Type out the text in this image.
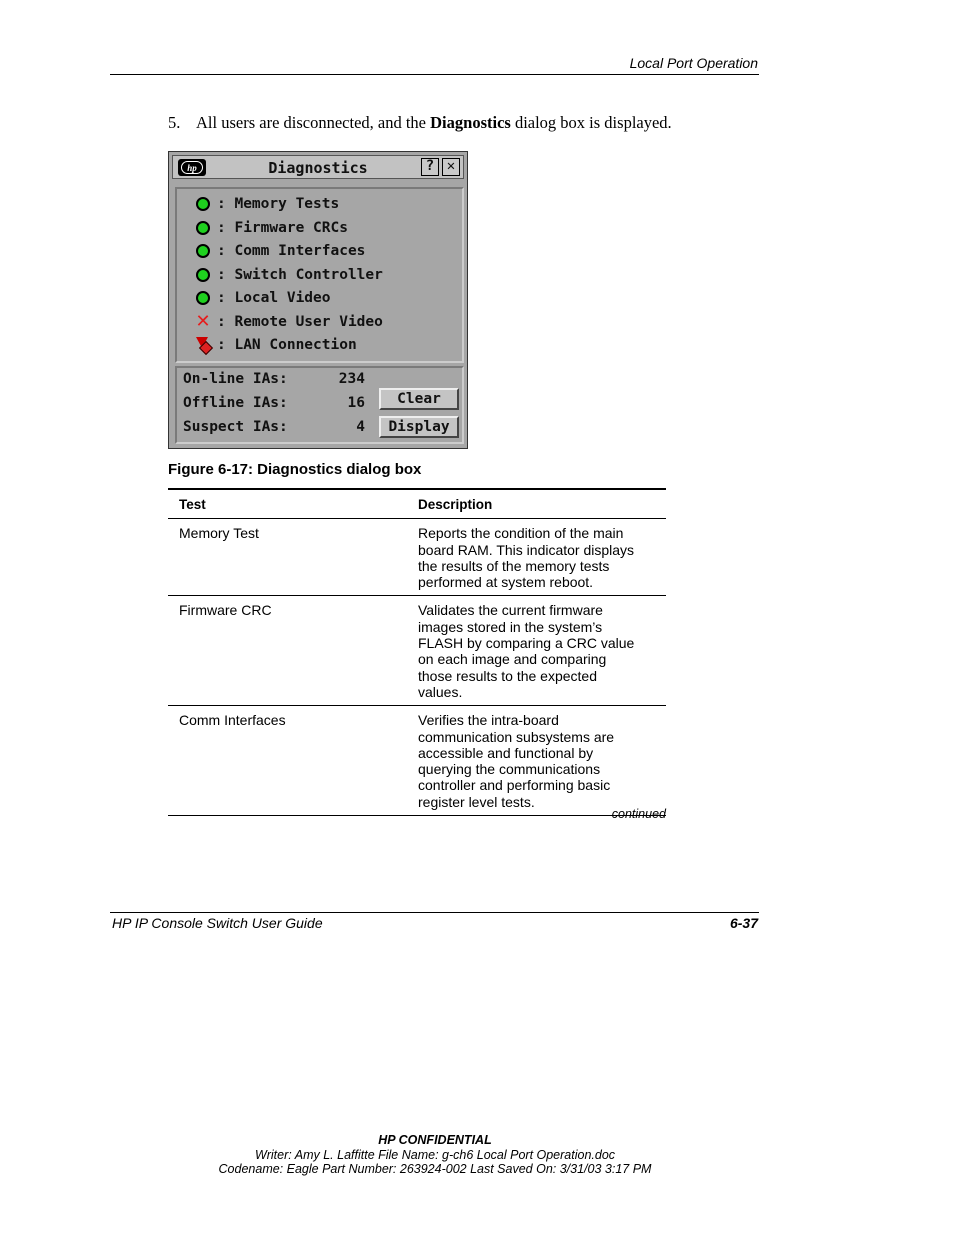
Local Port Operation
5. All users are disconnected, and the Diagnostics dialog box is displayed.
hp	Diagnostics	? ✕
: Memory Tests
: Firmware CRCs
: Comm Interfaces
: Switch Controller
: Local Video
✕ : Remote User Video
: LAN Connection
On-line IAs:	234
Offline IAs:	16
Suspect IAs:	4
Clear
Display
Figure 6-17: Diagnostics dialog box
Test	Description
Memory Test	Reports the condition of the main
board RAM. This indicator displays
the results of the memory tests
performed at system reboot.
Firmware CRC	Validates the current firmware
images stored in the system’s
FLASH by comparing a CRC value
on each image and comparing
those results to the expected
values.
Comm Interfaces	Verifies the intra-board
communication subsystems are
accessible and functional by
querying the communications
controller and performing basic
register level tests.
continued
HP IP Console Switch User Guide	6-37
HP CONFIDENTIAL
Writer: Amy L. Laffitte File Name: g-ch6 Local Port Operation.doc
Codename: Eagle Part Number: 263924-002 Last Saved On: 3/31/03 3:17 PM
